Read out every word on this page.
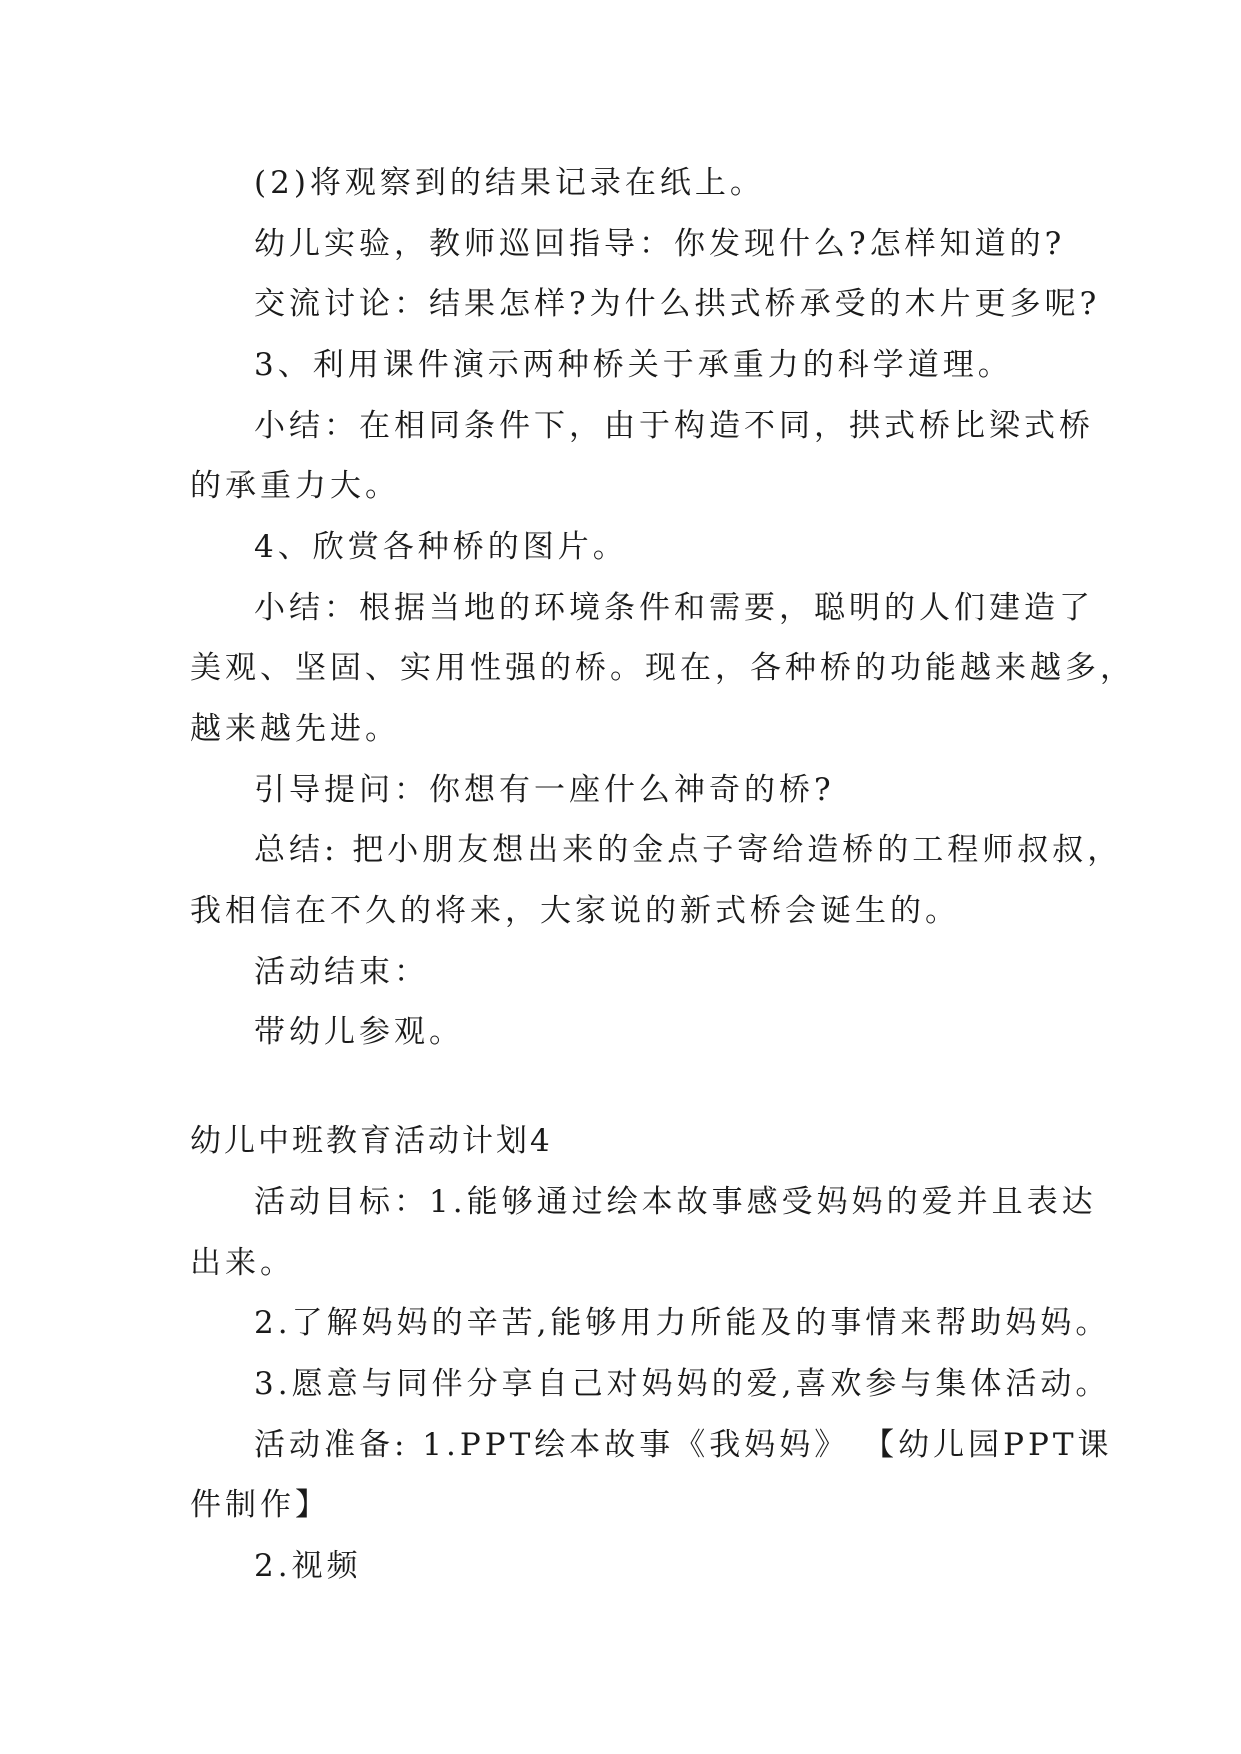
(2)将观察到的结果记录在纸上。
幼儿实验，教师巡回指导：你发现什么?怎样知道的?
交流讨论：结果怎样?为什么拱式桥承受的木片更多呢?
3、利用课件演示两种桥关于承重力的科学道理。
小结：在相同条件下，由于构造不同，拱式桥比梁式桥
的承重力大。
4、欣赏各种桥的图片。
小结：根据当地的环境条件和需要，聪明的人们建造了
美观、坚固、实用性强的桥。现在，各种桥的功能越来越多，
越来越先进。
引导提问：你想有一座什么神奇的桥?
总结: 把小朋友想出来的金点子寄给造桥的工程师叔叔，
我相信在不久的将来，大家说的新式桥会诞生的。
活动结束：
带幼儿参观。
幼儿中班教育活动计划4
活动目标：1.能够通过绘本故事感受妈妈的爱并且表达
出来。
2.了解妈妈的辛苦,能够用力所能及的事情来帮助妈妈。
3.愿意与同伴分享自己对妈妈的爱,喜欢参与集体活动。
活动准备: 1.PPT绘本故事《我妈妈》 【幼儿园PPT课
件制作】
2.视频
